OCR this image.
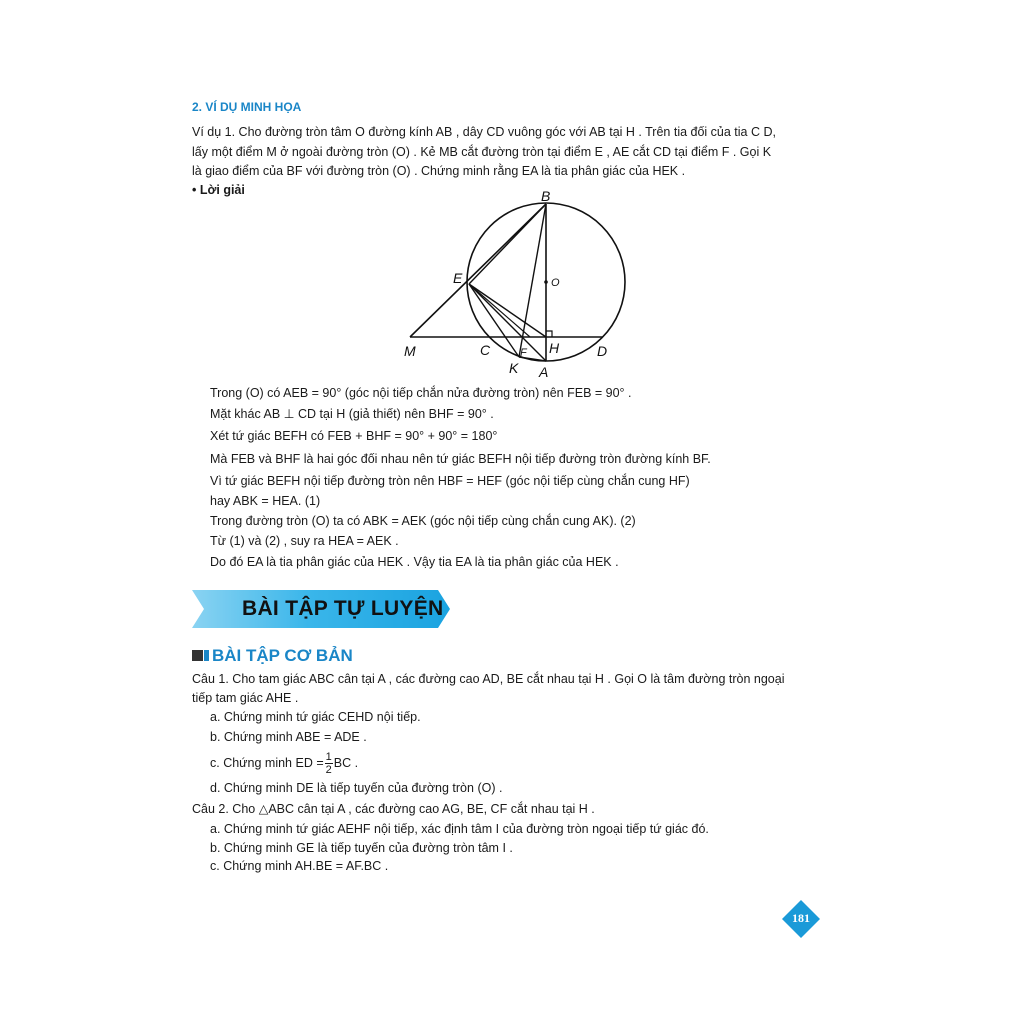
2. VÍ DỤ MINH HỌA
Ví dụ 1. Cho đường tròn tâm O đường kính AB , dây CD vuông góc với AB tại H . Trên tia đối của tia C D,
lấy một điểm M ở ngoài đường tròn (O) . Kẻ MB cắt đường tròn tại điểm E , AE cắt CD tại điểm F . Gọi K
là giao điểm của BF với đường tròn (O) . Chứng minh rằng EA là tia phân giác của HEK .
• Lời giải	B
O
E
M	C	F H	D
K A
Trong (O) có AEB = 90° (góc nội tiếp chắn nửa đường tròn) nên FEB = 90° .
Mặt khác AB ⊥ CD tại H (giả thiết) nên BHF = 90° .
Xét tứ giác BEFH có FEB + BHF = 90° + 90° = 180°
Mà FEB và BHF là hai góc đối nhau nên tứ giác BEFH nội tiếp đường tròn đường kính BF.
Vì tứ giác BEFH nội tiếp đường tròn nên HBF = HEF (góc nội tiếp cùng chắn cung HF)
hay ABK = HEA. (1)
Trong đường tròn (O) ta có ABK = AEK (góc nội tiếp cùng chắn cung AK). (2)
Từ (1) và (2) , suy ra HEA = AEK .
Do đó EA là tia phân giác của HEK . Vậy tia EA là tia phân giác của HEK .
BÀI TẬP TỰ LUYỆN
BÀI TẬP CƠ BẢN
Câu 1. Cho tam giác ABC cân tại A , các đường cao AD, BE cắt nhau tại H . Gọi O là tâm đường tròn ngoại
tiếp tam giác AHE .
a. Chứng minh tứ giác CEHD nội tiếp.
b. Chứng minh ABE = ADE .
c. Chứng minh ED = $\frac{1}{2}$ BC .
d. Chứng minh DE là tiếp tuyến của đường tròn (O) .
Câu 2. Cho △ABC cân tại A , các đường cao AG, BE, CF cắt nhau tại H .
a. Chứng minh tứ giác AEHF nội tiếp, xác định tâm I của đường tròn ngoại tiếp tứ giác đó.
b. Chứng minh GE là tiếp tuyến của đường tròn tâm I .
c. Chứng minh AH.BE = AF.BC .
181
